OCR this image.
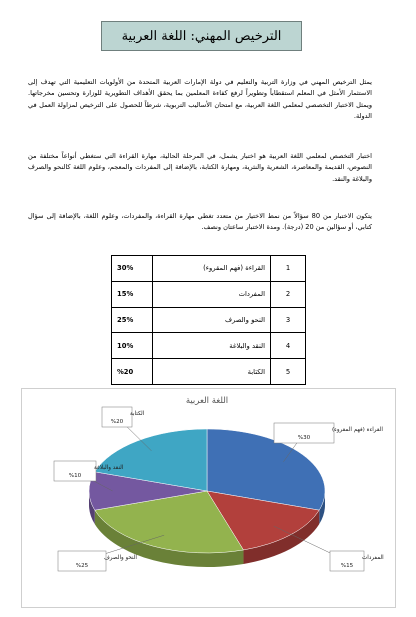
الترخيص المهني: اللغة العربية
يمثل الترخيص المهني في وزارة التربية والتعليم في دولة الإمارات العربية المتحدة من الأولويات التعليمية التي تهدف إلى الاستثمار الأمثل في المعلم استقطاباً وتطويراً لرفع كفاءة المعلمين بما يحقق الأهداف التطويرية للوزارة وتحسين مخرجاتها. ويمثل الاختبار التخصصي لمعلمي اللغة العربية، مع امتحان الأساليب التربوية، شرطاً للحصول على الترخيص لمزاولة العمل في الدولة.
اختبار التخصص لمعلمي اللغة العربية هو اختبار يشمل، في المرحلة الحالية، مهارة القراءة التي ستغطي أنواعاً مختلفة من النصوص، القديمة والمعاصرة، الشعرية والنثرية، ومهارة الكتابة، بالإضافة إلى المفردات والمعجم، وعلوم اللغة كالنحو والصرف والبلاغة والنقد.
يتكون الاختبار من 80 سؤالاً من نمط الاختيار من متعدد تغطي مهارة القراءة، والمفردات، وعلوم اللغة، بالإضافة إلى سؤال كتابي، أو سؤالين من 20 (درجة). ومدة الاختبار ساعتان ونصف.
1	القراءة (فهم المقروء)	30%
2	المفردات	15%
3	النحو والصرف	25%
4	النقد والبلاغة	10%
5	الكتابة	%20
اللغة العربية
القراءة (فهم المقروء)
%30
المفردات
%15
النحو والصرف
%25
النقد والبلاغة
%10
الكتابة
%20
